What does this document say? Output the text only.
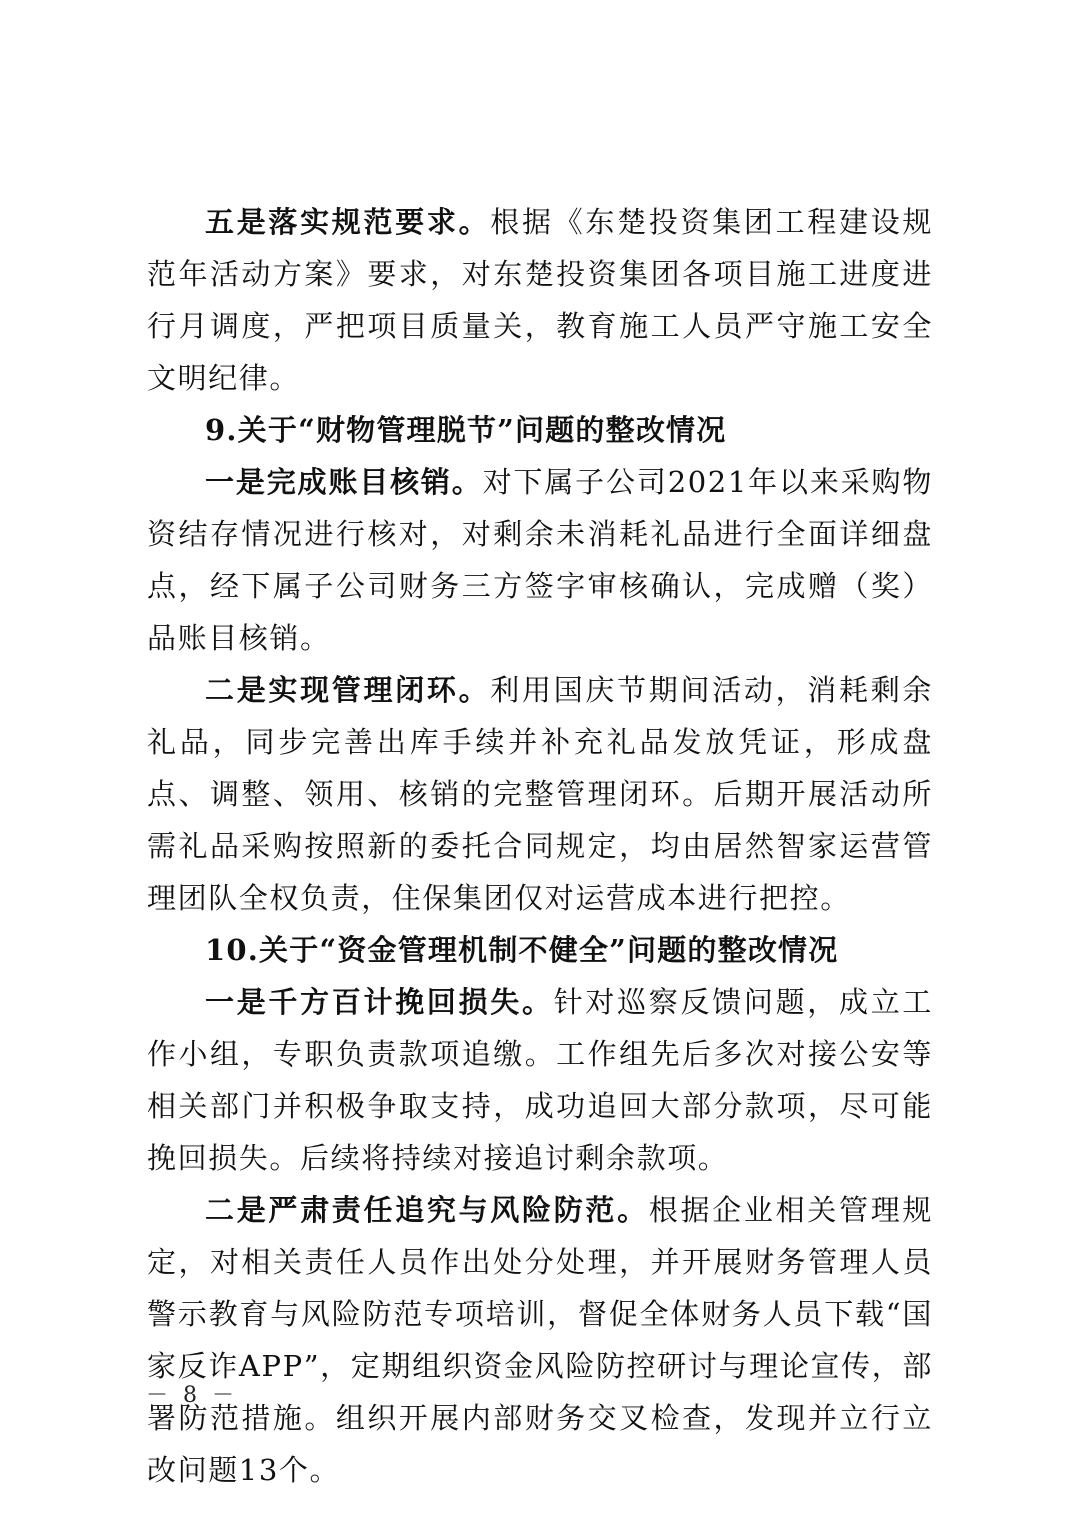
五是落实规范要求。根据《东楚投资集团工程建设规范年活动方案》要求，对东楚投资集团各项目施工进度进行月调度，严把项目质量关，教育施工人员严守施工安全文明纪律。

9.关于“财物管理脱节”问题的整改情况

一是完成账目核销。对下属子公司2021年以来采购物资结存情况进行核对，对剩余未消耗礼品进行全面详细盘点，经下属子公司财务三方签字审核确认，完成赠（奖）品账目核销。

二是实现管理闭环。利用国庆节期间活动，消耗剩余礼品，同步完善出库手续并补充礼品发放凭证，形成盘点、调整、领用、核销的完整管理闭环。后期开展活动所需礼品采购按照新的委托合同规定，均由居然智家运营管理团队全权负责，住保集团仅对运营成本进行把控。

10.关于“资金管理机制不健全”问题的整改情况

一是千方百计挽回损失。针对巡察反馈问题，成立工作小组，专职负责款项追缴。工作组先后多次对接公安等相关部门并积极争取支持，成功追回大部分款项，尽可能挽回损失。后续将持续对接追讨剩余款项。

二是严肃责任追究与风险防范。根据企业相关管理规定，对相关责任人员作出处分处理，并开展财务管理人员警示教育与风险防范专项培训，督促全体财务人员下载“国家反诈APP”，定期组织资金风险防控研讨与理论宣传，部署防范措施。组织开展内部财务交叉检查，发现并立行立改问题13个。

－ 8 －
